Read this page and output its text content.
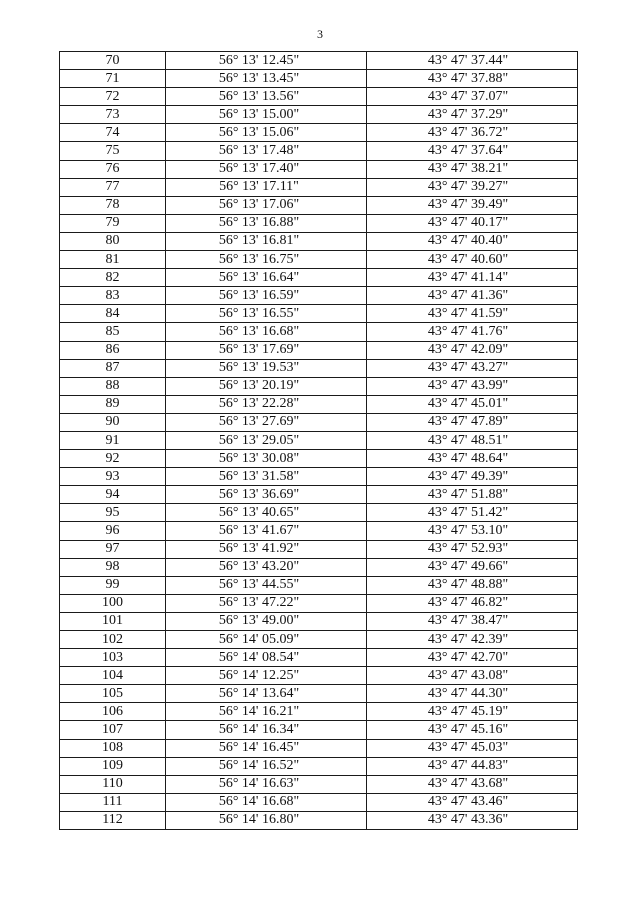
3
70	56° 13' 12.45"	43° 47' 37.44"
71	56° 13' 13.45"	43° 47' 37.88"
72	56° 13' 13.56"	43° 47' 37.07"
73	56° 13' 15.00"	43° 47' 37.29"
74	56° 13' 15.06"	43° 47' 36.72"
75	56° 13' 17.48"	43° 47' 37.64"
76	56° 13' 17.40"	43° 47' 38.21"
77	56° 13' 17.11"	43° 47' 39.27"
78	56° 13' 17.06"	43° 47' 39.49"
79	56° 13' 16.88"	43° 47' 40.17"
80	56° 13' 16.81"	43° 47' 40.40"
81	56° 13' 16.75"	43° 47' 40.60"
82	56° 13' 16.64"	43° 47' 41.14"
83	56° 13' 16.59"	43° 47' 41.36"
84	56° 13' 16.55"	43° 47' 41.59"
85	56° 13' 16.68"	43° 47' 41.76"
86	56° 13' 17.69"	43° 47' 42.09"
87	56° 13' 19.53"	43° 47' 43.27"
88	56° 13' 20.19"	43° 47' 43.99"
89	56° 13' 22.28"	43° 47' 45.01"
90	56° 13' 27.69"	43° 47' 47.89"
91	56° 13' 29.05"	43° 47' 48.51"
92	56° 13' 30.08"	43° 47' 48.64"
93	56° 13' 31.58"	43° 47' 49.39"
94	56° 13' 36.69"	43° 47' 51.88"
95	56° 13' 40.65"	43° 47' 51.42"
96	56° 13' 41.67"	43° 47' 53.10"
97	56° 13' 41.92"	43° 47' 52.93"
98	56° 13' 43.20"	43° 47' 49.66"
99	56° 13' 44.55"	43° 47' 48.88"
100	56° 13' 47.22"	43° 47' 46.82"
101	56° 13' 49.00"	43° 47' 38.47"
102	56° 14' 05.09"	43° 47' 42.39"
103	56° 14' 08.54"	43° 47' 42.70"
104	56° 14' 12.25"	43° 47' 43.08"
105	56° 14' 13.64"	43° 47' 44.30"
106	56° 14' 16.21"	43° 47' 45.19"
107	56° 14' 16.34"	43° 47' 45.16"
108	56° 14' 16.45"	43° 47' 45.03"
109	56° 14' 16.52"	43° 47' 44.83"
110	56° 14' 16.63"	43° 47' 43.68"
111	56° 14' 16.68"	43° 47' 43.46"
112	56° 14' 16.80"	43° 47' 43.36"
